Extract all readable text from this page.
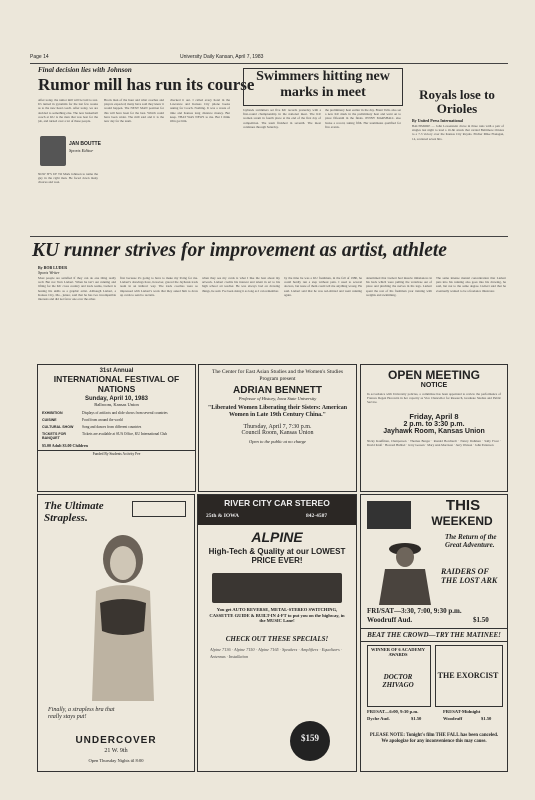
Page 14	University Daily Kansan, April 7, 1983
Final decision lies with Johnson
Rumor mill has run its course
After today, the rumor mill will be laid to rest. It's turned in pyramids for the last few weeks as to the new head coach. After today, we are decided to something else. The new basketball coach at KU is the man that was best for the job, and turned over a lot of these people.
JAN BOUTTE
Sports Editor
NOW IT'S UP TO Mark Johnson to name the guy in the right man. He faced down many choices and won.
Brock man of the hour and what coaches and players expected; many have said they knew it would happen. The NEXT MAN position for this will have been for the best. Which could have been wider. The mill said and it is the new day for the team.
checked it out. I called every hotel in the Lawrence and Kansas City phone books asking for Coach. Nothing. It was a waste of time and Kansas long distance money. But keep. THAT WAS NEWS to me. But I think Olin got him.
Swimmers hitting new marks in meet
Jayhawk swimmers set five KU records yesterday with a first-round championship in the national meet. The KU women swam in fourth place at the end of the first day of competition. The team finished in seventh. The meet continues through Saturday.
the preliminary heat earlier in the day. Brant Vello also set a new KU mark in the preliminary heat and went on to place fifteenth in the finals. JENNY MARSHALL also broke a record, taking fifth. Her teammates qualified for five events.
Royals lose to Orioles
By United Press International
BALTIMORE — John Lowenstein drove in three runs with a pair of singles last night to lead a 16-hit attack that carried Baltimore Orioles to a 7-3 victory over the Kansas City Royals. Pitcher Mike Flanagan, 14, scattered seven hits.
KU runner strives for improvement as artist, athlete
By BOB LUDER
Sports Writer
Most people are satisfied if they can do one thing really well. But not Vern Liebert. When he isn't out running and lifting for the KU cross country and track teams, Liebert is honing his skills as a graphic artist. Although Liebert, a Kansas City, Mo., junior, said that he has two incompatible interests and did not favor one over the other.
first because it's going to have to make my living for me. Liebert's drawings have, however, graced the Jayhawk track team in an indirect way. The track coaches were so impressed with Liebert's work that they asked him to draw up cards to send to recruits.
when they see my cards is what I like the best about my artwork. Liebert credits his interest and talent in art to his high school art teacher. He was always bad on drawing things, he said. I've been doing it as long as I can remember.
by the time he was a KU freshman, in the fall of 1980, he could hardly run a step without pain. I used to several doctors, but none of them could tell me anything wrong. He said. Liebert said that he was red-shirted and went running again.
determined that Liebert had muscle imbalances in his back which were pulling the vertebrae out of place and pinching the nerves in his legs. Liebert spent the rest of his freshman year training with weights and swimming.
The same intense mental concentration that Liebert puts into his running also goes into his drawing, he said, but not to the same degree. Liebert said that he eventually wanted to be a freelance illustrator.
31st Annual
INTERNATIONAL FESTIVAL OF NATIONS
Sunday, April 10, 1983
Ballroom, Kansas Union
EXHIBITION	Displays of artifacts and slide shows from several countries
CUISINE	Food from around the world
CULTURAL SHOW	Song and dances from different countries
TICKETS FOR BANQUET
Tickets are available at SUA Office, KU International Club
$5.00 Adult $3.00 Children
Funded By Students Activity Fee
The Center for East Asian Studies and the Women's Studies Program present
ADRIAN BENNETT
Professor of History, Iowa State University
"Liberated Women Liberating their Sisters: American Women in Late 19th Century China."
Thursday, April 7, 7:30 p.m.
Council Room, Kansas Union
Open to the public at no charge
OPEN MEETING
NOTICE
In accordance with University policies, a committee has been appointed to review the performance of Frances Degen Horowitz in her capacity as Vice Chancellor for Research, Graduate Studies and Public Service.
Friday, April 8
2 p.m. to 3:30 p.m.
Jayhawk Room, Kansas Union
Nicky Kauffman, Chairperson · Thomas Berger · Ronald Borchardt · Nancy Dahmen · Sally Frost · David Kraft · Howard Hubbel · Jerry Gossen · Mary Ann Morrison · Jerry Watson · John Patterson
The Ultimate Strapless.
Finally, a strapless bra that really stays put!
UNDERCOVER
21 W. 9th
Open Thursday Nights til 8:00
RIVER CITY CAR STEREO
25th & IOWA	842-4587
ALPINE
High-Tech & Quality at our LOWEST PRICE EVER!
You get AUTO REVERSE, METAL-STEREO SWITCHING, CASSETTE GUIDE & BUILT-IN 4-FT to put you on the highway, in the MUSIC Lane!
CHECK OUT THESE SPECIALS!
Alpine 7136 · Alpine 7150 · Alpine 7165 · Speakers · Amplifiers · Equalizers · Antennas · Installation
$159
THIS
WEEKEND
The Return of the Great Adventure.
RAIDERS OF THE LOST ARK
FRI/SAT—3:30, 7:00, 9:30 p.m.
Woodruff Aud.	$1.50
BEAT THE CROWD—TRY THE MATINEE!
WINNER OF 6 ACADEMY AWARDS
DOCTOR ZHIVAGO
THE EXORCIST
FRI/SAT—6:00, 9:30 p.m.
Dyche Aud.	$1.50
FRI/SAT-Midnight
Woodruff	$1.50
PLEASE NOTE: Tonight's film THE FALL has been canceled. We apologize for any inconvenience this may cause.
